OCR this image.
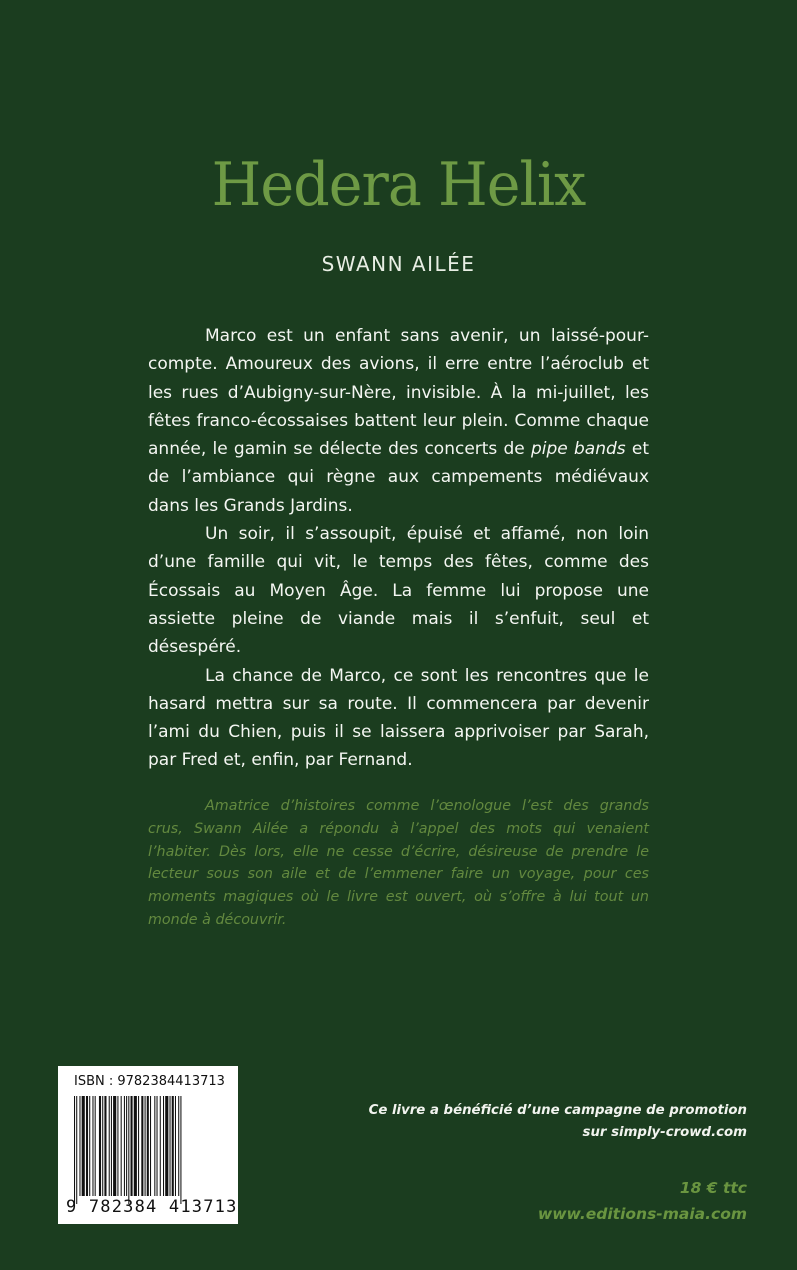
Hedera Helix
SWANN AILÉE

Marco est un enfant sans avenir, un laissé-pour-compte. Amoureux des avions, il erre entre l’aéroclub et les rues d’Aubigny-sur-Nère, invisible. À la mi-juillet, les fêtes franco-écossaises battent leur plein. Comme chaque année, le gamin se délecte des concerts de pipe bands et de l’ambiance qui règne aux campements médiévaux dans les Grands Jardins.

Un soir, il s’assoupit, épuisé et affamé, non loin d’une famille qui vit, le temps des fêtes, comme des Écossais au Moyen Âge. La femme lui propose une assiette pleine de viande mais il s’enfuit, seul et désespéré.

La chance de Marco, ce sont les rencontres que le hasard mettra sur sa route. Il commencera par devenir l’ami du Chien, puis il se laissera apprivoiser par Sarah, par Fred et, enfin, par Fernand.

Amatrice d’histoires comme l’œnologue l’est des grands crus, Swann Ailée a répondu à l’appel des mots qui venaient l’habiter. Dès lors, elle ne cesse d’écrire, désireuse de prendre le lecteur sous son aile et de l’emmener faire un voyage, pour ces moments magiques où le livre est ouvert, où s’offre à lui tout un monde à découvrir.

ISBN : 9782384413713
9 782384 413713
Ce livre a bénéficié d’une campagne de promotion
sur simply-crowd.com
18 € ttc
www.editions-maia.com
